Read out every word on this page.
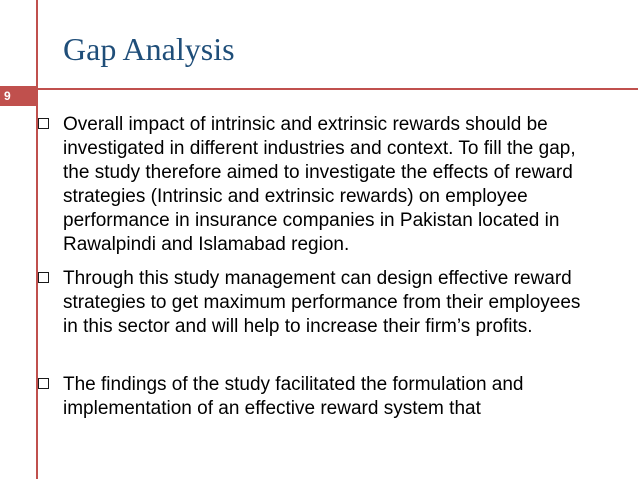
9
Gap Analysis
Overall impact of intrinsic and extrinsic rewards should be investigated in different industries and context. To fill the gap, the study therefore aimed to investigate the effects of reward strategies (Intrinsic and extrinsic rewards) on employee performance in insurance companies in Pakistan located in Rawalpindi and Islamabad region.
Through this study management can design effective reward strategies to get maximum performance from their employees in this sector and will help to increase their firm’s profits.
The findings of the study facilitated the formulation and implementation of an effective reward system that
